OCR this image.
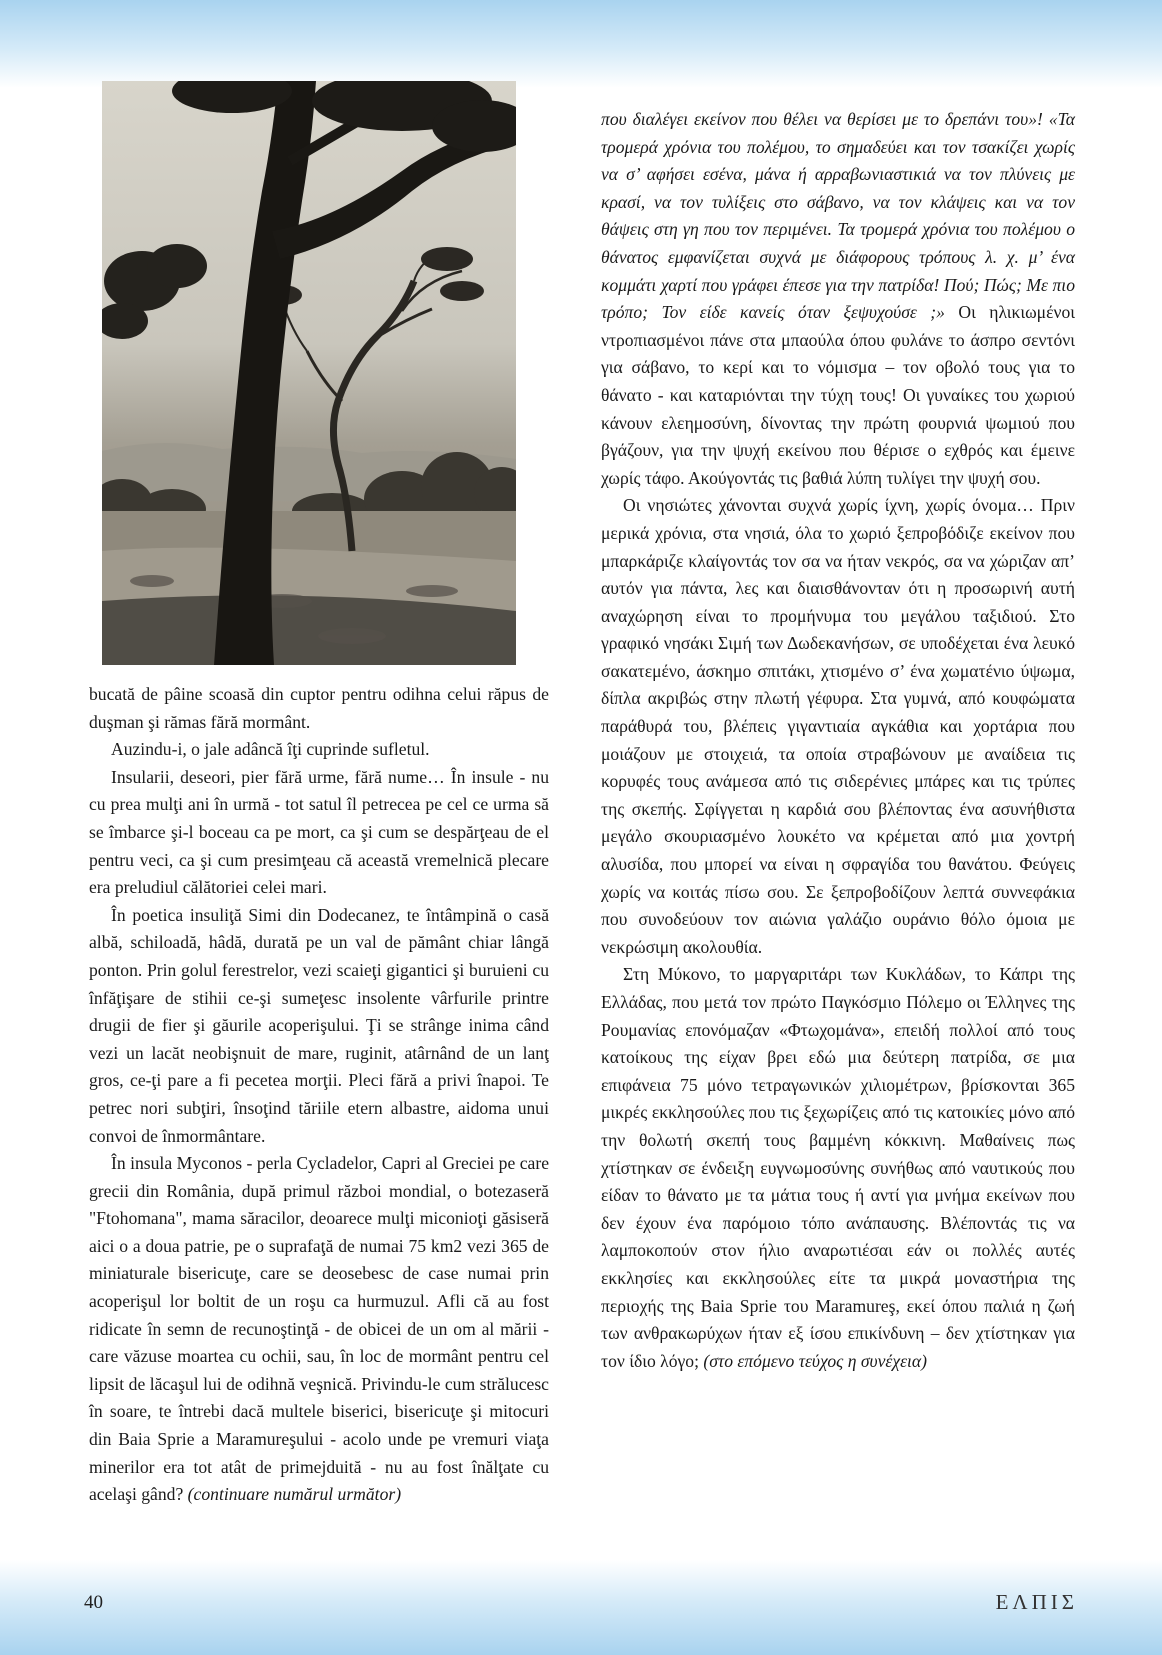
bucată de pâine scoasă din cuptor pentru odihna celui răpus de duşman şi rămas fără mormânt.

Auzindu-i, o jale adâncă îţi cuprinde sufletul.

Insularii, deseori, pier fără urme, fără nume… În insule - nu cu prea mulţi ani în urmă - tot satul îl petrecea pe cel ce urma să se îmbarce şi-l boceau ca pe mort, ca şi cum se despărţeau de el pentru veci, ca şi cum presimţeau că această vremelnică plecare era preludiul călătoriei celei mari.

În poetica insuliţă Simi din Dodecanez, te întâmpină o casă albă, schiloadă, hâdă, durată pe un val de pământ chiar lângă ponton. Prin golul ferestrelor, vezi scaieţi gigantici şi buruieni cu înfăţişare de stihii ce-şi sumeţesc insolente vârfurile printre drugii de fier şi găurile acoperişului. Ţi se strânge inima când vezi un lacăt neobişnuit de mare, ruginit, atârnând de un lanţ gros, ce-ţi pare a fi pecetea morţii. Pleci fără a privi înapoi. Te petrec nori subţiri, însoţind tăriile etern albastre, aidoma unui convoi de înmormântare.

În insula Myconos - perla Cycladelor, Capri al Greciei pe care grecii din România, după primul război mondial, o botezaseră "Ftohomana", mama săracilor, deoarece mulţi miconioţi găsiseră aici o a doua patrie, pe o suprafaţă de numai 75 km2 vezi 365 de miniaturale bisericuţe, care se deosebesc de case numai prin acoperişul lor boltit de un roşu ca hurmuzul. Afli că au fost ridicate în semn de recunoştinţă - de obicei de un om al mării - care văzuse moartea cu ochii, sau, în loc de mormânt pentru cel lipsit de lăcaşul lui de odihnă veşnică. Privindu-le cum strălucesc în soare, te întrebi dacă multele biserici, bisericuţe şi mitocuri din Baia Sprie a Maramureşului - acolo unde pe vremuri viaţa minerilor era tot atât de primejduită - nu au fost înălţate cu acelaşi gând? (continuare numărul următor)

που διαλέγει εκείνον που θέλει να θερίσει με το δρεπάνι του»! «Τα τρομερά χρόνια του πολέμου, το σημαδεύει και τον τσακίζει χωρίς να σ’ αφήσει εσένα, μάνα ή αρραβωνιαστικιά να τον πλύνεις με κρασί, να τον τυλίξεις στο σάβανο, να τον κλάψεις και να τον θάψεις στη γη που τον περιμένει. Τα τρομερά χρόνια του πολέμου ο θάνατος εμφανίζεται συχνά με διάφορους τρόπους λ. χ. μ’ ένα κομμάτι χαρτί που γράφει έπεσε για την πατρίδα! Πού; Πώς; Με πιο τρόπο; Τον είδε κανείς όταν ξεψυχούσε ;» Οι ηλικιωμένοι ντροπιασμένοι πάνε στα μπαούλα όπου φυλάνε το άσπρο σεντόνι για σάβανο, το κερί και το νόμισμα – τον οβολό τους για το θάνατο - και καταριόνται την τύχη τους! Οι γυναίκες του χωριού κάνουν ελεημοσύνη, δίνοντας την πρώτη φουρνιά ψωμιού που βγάζουν, για την ψυχή εκείνου που θέρισε ο εχθρός και έμεινε χωρίς τάφο. Ακούγοντάς τις βαθιά λύπη τυλίγει την ψυχή σου.

Οι νησιώτες χάνονται συχνά χωρίς ίχνη, χωρίς όνομα… Πριν μερικά χρόνια, στα νησιά, όλα το χωριό ξεπροβόδιζε εκείνον που μπαρκάριζε κλαίγοντάς τον σα να ήταν νεκρός, σα να χώριζαν απ’ αυτόν για πάντα, λες και διαισθάνονταν ότι η προσωρινή αυτή αναχώρηση είναι το προμήνυμα του μεγάλου ταξιδιού. Στο γραφικό νησάκι Σιμή των Δωδεκανήσων, σε υποδέχεται ένα λευκό σακατεμένο, άσκημο σπιτάκι, χτισμένο σ’ ένα χωματένιο ύψωμα, δίπλα ακριβώς στην πλωτή γέφυρα. Στα γυμνά, από κουφώματα παράθυρά του, βλέπεις γιγαντιαία αγκάθια και χορτάρια που μοιάζουν με στοιχειά, τα οποία στραβώνουν με αναίδεια τις κορυφές τους ανάμεσα από τις σιδερένιες μπάρες και τις τρύπες της σκεπής. Σφίγγεται η καρδιά σου βλέποντας ένα ασυνήθιστα μεγάλο σκουριασμένο λουκέτο να κρέμεται από μια χοντρή αλυσίδα, που μπορεί να είναι η σφραγίδα του θανάτου. Φεύγεις χωρίς να κοιτάς πίσω σου. Σε ξεπροβοδίζουν λεπτά συννεφάκια που συνοδεύουν τον αιώνια γαλάζιο ουράνιο θόλο όμοια με νεκρώσιμη ακολουθία.

Στη Μύκονο, το μαργαριτάρι των Κυκλάδων, το Κάπρι της Ελλάδας, που μετά τον πρώτο Παγκόσμιο Πόλεμο οι Έλληνες της Ρουμανίας επονόμαζαν «Φτωχομάνα», επειδή πολλοί από τους κατοίκους της είχαν βρει εδώ μια δεύτερη πατρίδα, σε μια επιφάνεια 75 μόνο τετραγωνικών χιλιομέτρων, βρίσκονται 365 μικρές εκκλησούλες που τις ξεχωρίζεις από τις κατοικίες μόνο από την θολωτή σκεπή τους βαμμένη κόκκινη. Μαθαίνεις πως χτίστηκαν σε ένδειξη ευγνωμοσύνης συνήθως από ναυτικούς που είδαν το θάνατο με τα μάτια τους ή αντί για μνήμα εκείνων που δεν έχουν ένα παρόμοιο τόπο ανάπαυσης. Βλέποντάς τις να λαμποκοπούν στον ήλιο αναρωτιέσαι εάν οι πολλές αυτές εκκλησίες και εκκλησούλες είτε τα μικρά μοναστήρια της περιοχής της Baia Sprie του Maramureş, εκεί όπου παλιά η ζωή των ανθρακωρύχων ήταν εξ ίσου επικίνδυνη – δεν χτίστηκαν για τον ίδιο λόγο; (στο επόμενο τεύχος η συνέχεια)

40	ΕΛΠΙΣ
